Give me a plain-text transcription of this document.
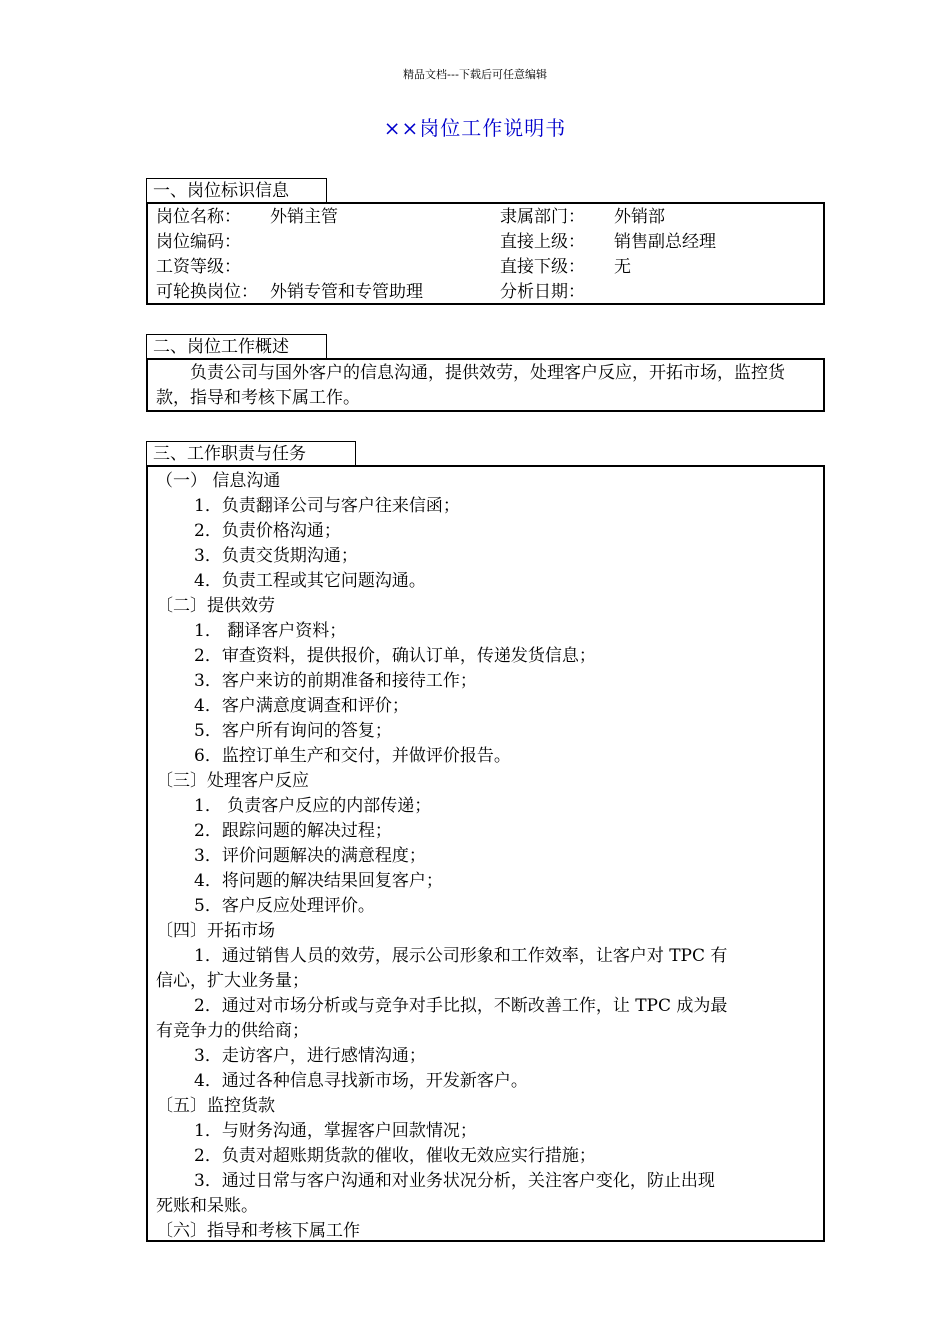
精品文档---下载后可任意编辑
××岗位工作说明书
一、岗位标识信息
岗位名称： 外销主管	隶属部门： 外销部
岗位编码：	直接上级： 销售副总经理
工资等级：	直接下级： 无
可轮换岗位： 外销专管和专管助理	分析日期：
二、岗位工作概述
负责公司与国外客户的信息沟通，提供效劳，处理客户反应，开拓市场，监控货款，指导和考核下属工作。
三、工作职责与任务
（一） 信息沟通
1．负责翻译公司与客户往来信函；
2．负责价格沟通；
3．负责交货期沟通；
4．负责工程或其它问题沟通。
〔二〕提供效劳
1． 翻译客户资料；
2．审查资料，提供报价，确认订单，传递发货信息；
3．客户来访的前期准备和接待工作；
4．客户满意度调查和评价；
5．客户所有询问的答复；
6．监控订单生产和交付，并做评价报告。
〔三〕处理客户反应
1． 负责客户反应的内部传递；
2．跟踪问题的解决过程；
3．评价问题解决的满意程度；
4．将问题的解决结果回复客户；
5．客户反应处理评价。
〔四〕开拓市场
1．通过销售人员的效劳，展示公司形象和工作效率，让客户对 TPC 有
信心，扩大业务量；
2．通过对市场分析或与竞争对手比拟，不断改善工作，让 TPC 成为最
有竞争力的供给商；
3．走访客户，进行感情沟通；
4．通过各种信息寻找新市场，开发新客户。
〔五〕监控货款
1．与财务沟通，掌握客户回款情况；
2．负责对超账期货款的催收，催收无效应实行措施；
3．通过日常与客户沟通和对业务状况分析，关注客户变化，防止出现
死账和呆账。
〔六〕指导和考核下属工作
